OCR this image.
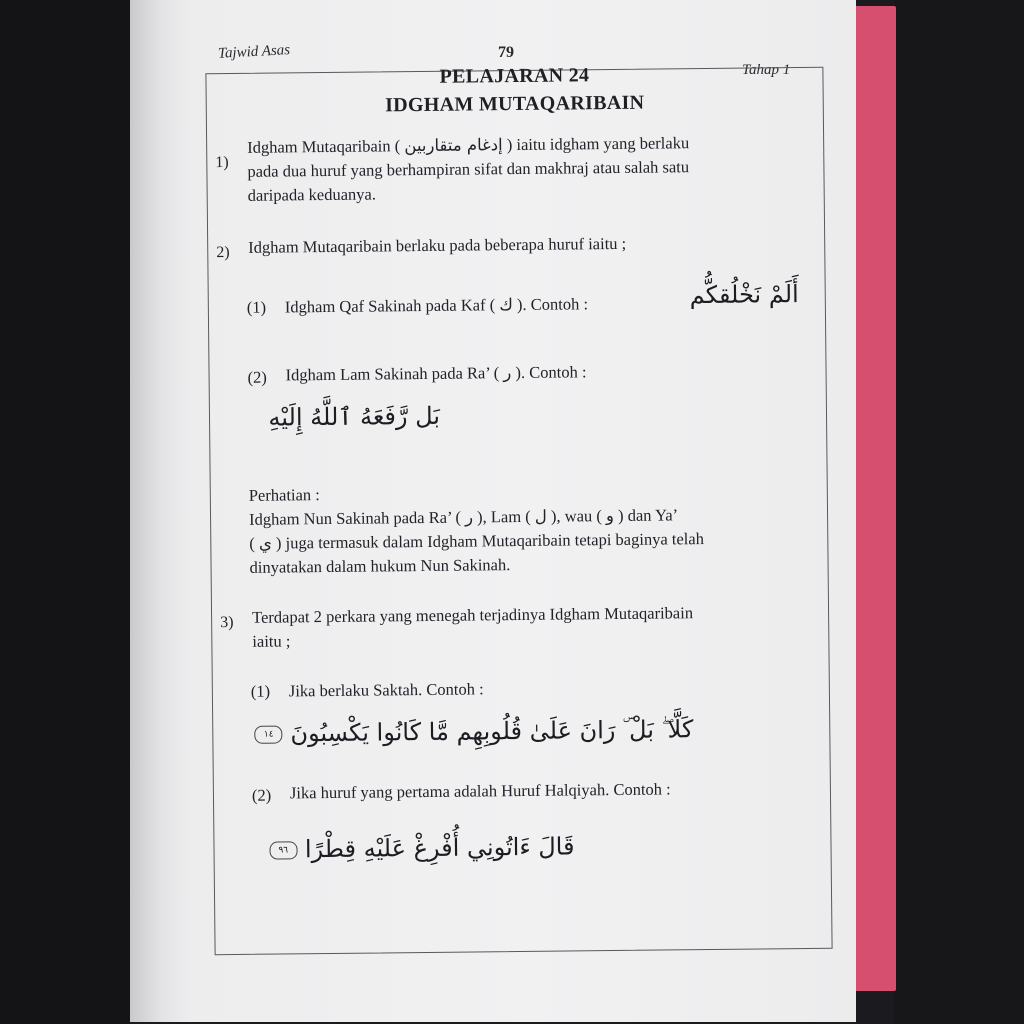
Tajwid Asas	79
Tahap 1
PELAJARAN 24
IDGHAM MUTAQARIBAIN
1)
Idgham Mutaqaribain ( إدغام متقاربين ) iaitu idgham yang berlaku
pada dua huruf yang berhampiran sifat dan makhraj atau salah satu
daripada keduanya.
2) Idgham Mutaqaribain berlaku pada beberapa huruf iaitu ;
(1) Idgham Qaf Sakinah pada Kaf ( ك ). Contoh :	أَلَمْ نَخْلُقكُّم
(2) Idgham Lam Sakinah pada Ra’ ( ر ). Contoh :
بَل رَّفَعَهُ ٱللَّهُ إِلَيْهِ
Perhatian :
Idgham Nun Sakinah pada Ra’ ( ر ), Lam ( ل ), wau ( و ) dan Ya’
( ي ) juga termasuk dalam Idgham Mutaqaribain tetapi baginya telah
dinyatakan dalam hukum Nun Sakinah.
3) Terdapat 2 perkara yang menegah terjadinya Idgham Mutaqaribain
iaitu ;
(1) Jika berlaku Saktah. Contoh :
كَلَّا ۖ بَلْ ۜ رَانَ عَلَىٰ قُلُوبِهِم مَّا كَانُوا يَكْسِبُونَ ١٤
(2) Jika huruf yang pertama adalah Huruf Halqiyah. Contoh :
قَالَ ءَاتُونِي أُفْرِغْ عَلَيْهِ قِطْرًا ٩٦
